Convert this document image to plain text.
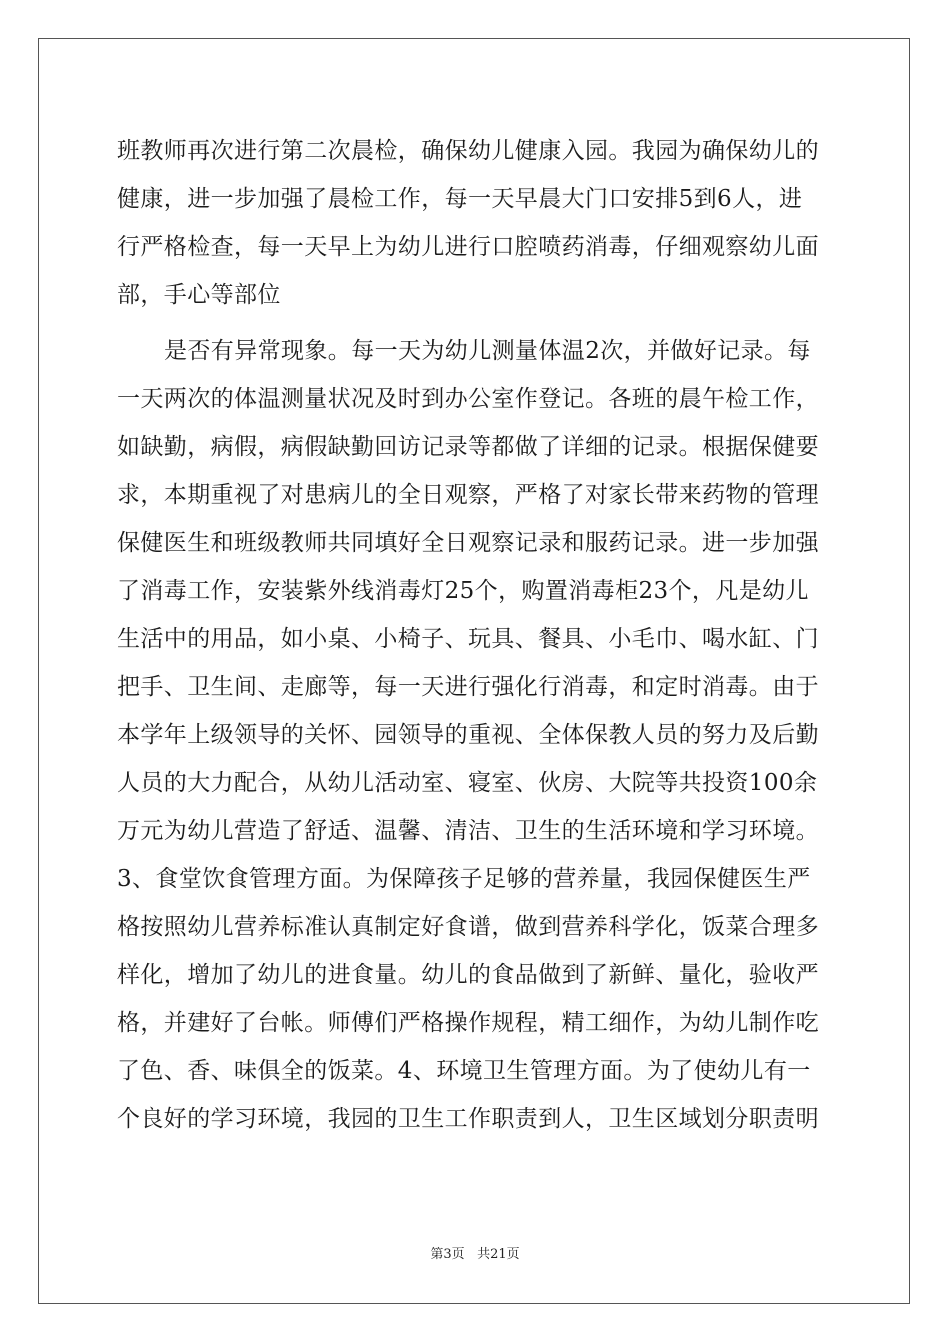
班教师再次进行第二次晨检，确保幼儿健康入园。我园为确保幼儿的
健康，进一步加强了晨检工作，每一天早晨大门口安排5到6人，进
行严格检查，每一天早上为幼儿进行口腔喷药消毒，仔细观察幼儿面
部，手心等部位
是否有异常现象。每一天为幼儿测量体温2次，并做好记录。每
一天两次的体温测量状况及时到办公室作登记。各班的晨午检工作，
如缺勤，病假，病假缺勤回访记录等都做了详细的记录。根据保健要
求，本期重视了对患病儿的全日观察，严格了对家长带来药物的管理
保健医生和班级教师共同填好全日观察记录和服药记录。进一步加强
了消毒工作，安装紫外线消毒灯25个，购置消毒柜23个，凡是幼儿
生活中的用品，如小桌、小椅子、玩具、餐具、小毛巾、喝水缸、门
把手、卫生间、走廊等，每一天进行强化行消毒，和定时消毒。由于
本学年上级领导的关怀、园领导的重视、全体保教人员的努力及后勤
人员的大力配合，从幼儿活动室、寝室、伙房、大院等共投资100余
万元为幼儿营造了舒适、温馨、清洁、卫生的生活环境和学习环境。
3、食堂饮食管理方面。为保障孩子足够的营养量，我园保健医生严
格按照幼儿营养标准认真制定好食谱，做到营养科学化，饭菜合理多
样化，增加了幼儿的进食量。幼儿的食品做到了新鲜、量化，验收严
格，并建好了台帐。师傅们严格操作规程，精工细作，为幼儿制作吃
了色、香、味俱全的饭菜。4、环境卫生管理方面。为了使幼儿有一
个良好的学习环境，我园的卫生工作职责到人，卫生区域划分职责明
第3页 共21页
